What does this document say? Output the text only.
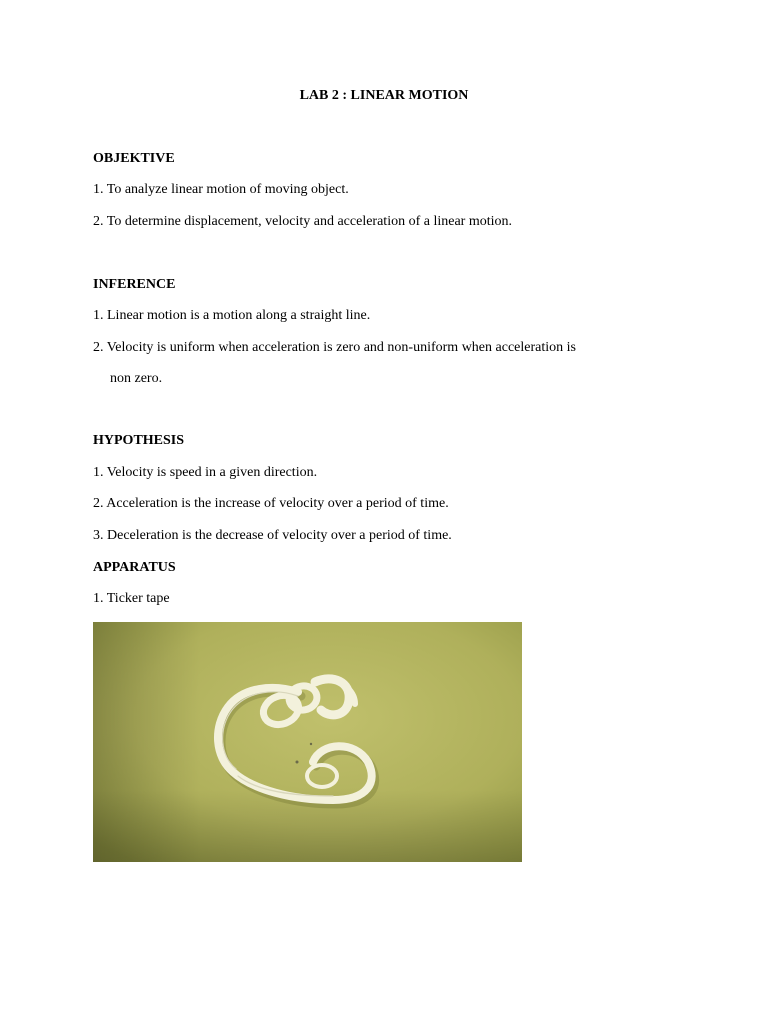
LAB 2 : LINEAR MOTION
OBJEKTIVE

1. To analyze linear motion of moving object.

2. To determine displacement, velocity and acceleration of a linear motion.

INFERENCE

1. Linear motion is a motion along a straight line.

2. Velocity is uniform when acceleration is zero and non-uniform when acceleration is

non zero.

HYPOTHESIS

1. Velocity is speed in a given direction.

2. Acceleration is the increase of velocity over a period of time.

3. Deceleration is the decrease of velocity over a period of time.

APPARATUS

1. Ticker tape
